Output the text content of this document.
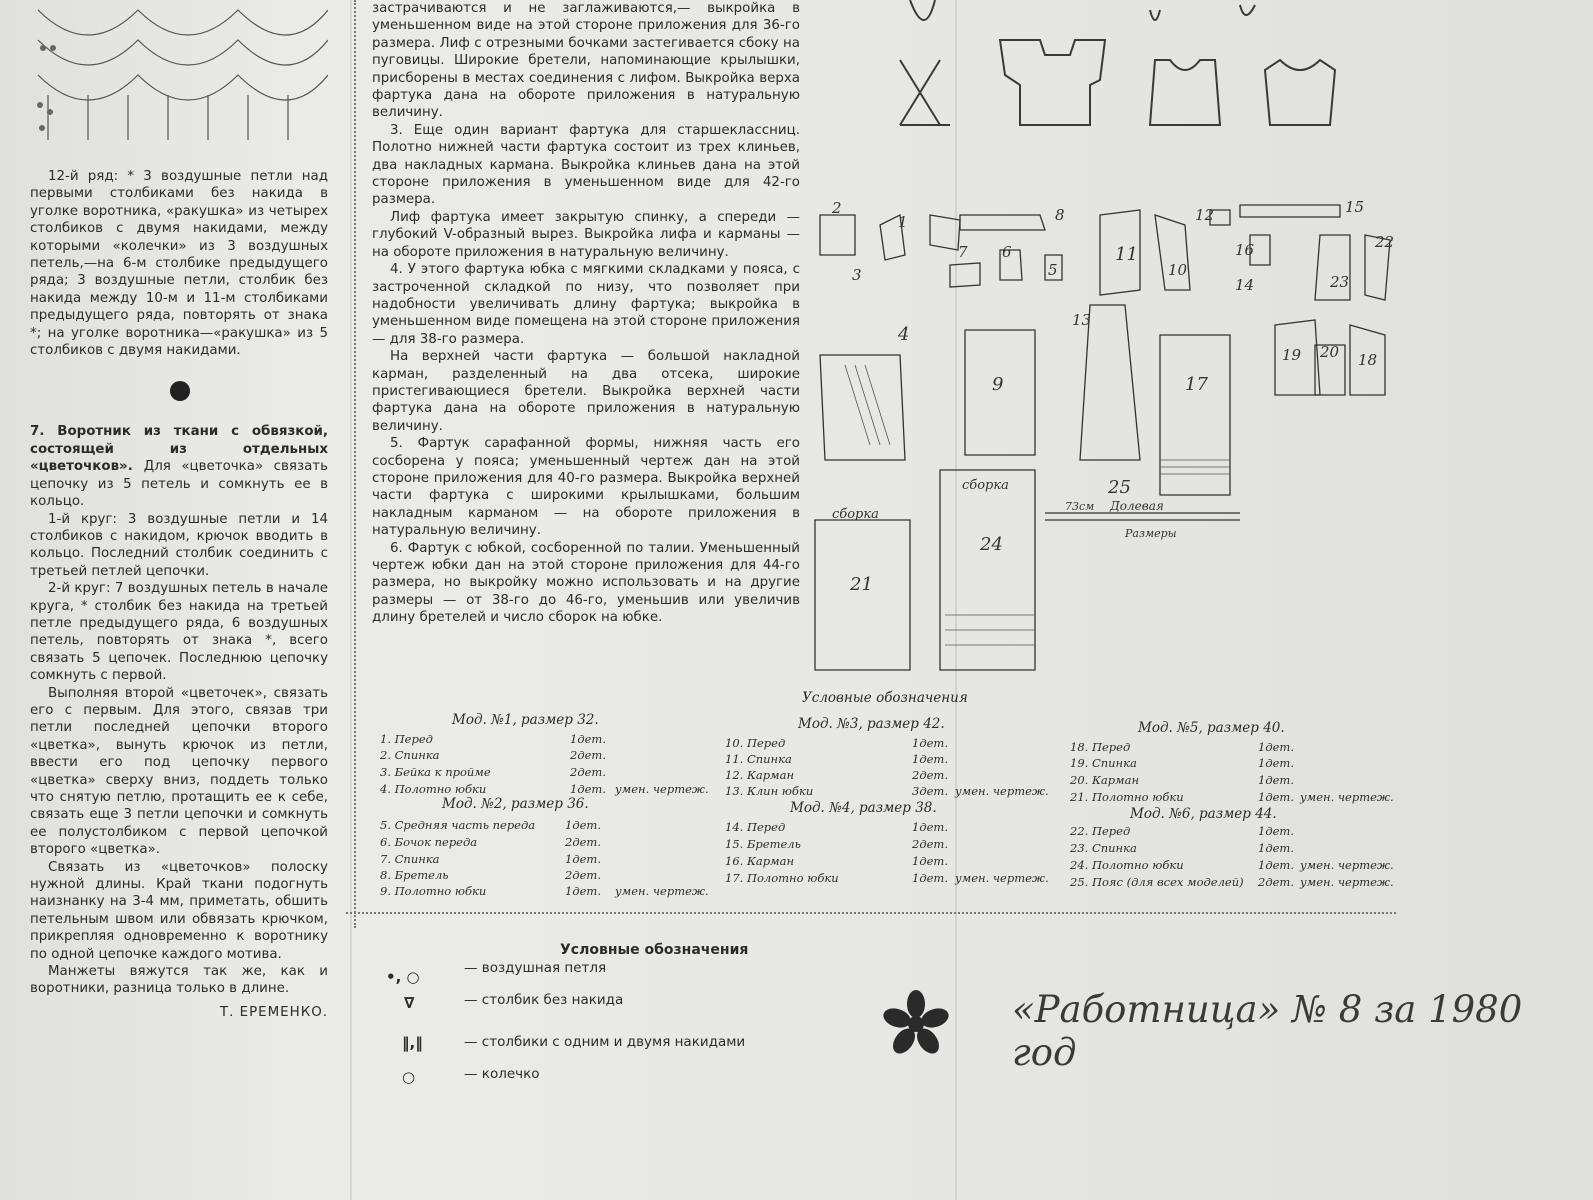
12-й ряд: * 3 воздушные петли над первыми столбиками без накида в уголке воротника, «ракушка» из четырех столбиков с двумя накидами, между которыми «колечки» из 3 воздушных петель,—на 6-м столбике предыдущего ряда; 3 воздушные петли, столбик без накида между 10-м и 11-м столбиками предыдущего ряда, повторять от знака *; на уголке воротника—«ракушка» из 5 столбиков с двумя накидами.

7. Воротник из ткани с обвязкой, состоящей из отдельных «цветочков». Для «цветочка» связать цепочку из 5 петель и сомкнуть ее в кольцо.

1-й круг: 3 воздушные петли и 14 столбиков с накидом, крючок вводить в кольцо. Последний столбик соединить с третьей петлей цепочки.

2-й круг: 7 воздушных петель в начале круга, * столбик без накида на третьей петле предыдущего ряда, 6 воздушных петель, повторять от знака *, всего связать 5 цепочек. Последнюю цепочку сомкнуть с первой.

Выполняя второй «цветочек», связать его с первым. Для этого, связав три петли последней цепочки второго «цветка», вынуть крючок из петли, ввести его под цепочку первого «цветка» сверху вниз, поддеть только что снятую петлю, протащить ее к себе, связать еще 3 петли цепочки и сомкнуть ее полустолбиком с первой цепочкой второго «цветка».

Связать из «цветочков» полоску нужной длины. Край ткани подогнуть наизнанку на 3-4 мм, приметать, обшить петельным швом или обвязать крючком, прикрепляя одновременно к воротнику по одной цепочке каждого мотива.

Манжеты вяжутся так же, как и воротники, разница только в длине.

Т. ЕРЕМЕНКО.

застрачиваются и не заглаживаются,— выкройка в уменьшенном виде на этой стороне приложения для 36-го размера. Лиф с отрезными бочками застегивается сбоку на пуговицы. Широкие бретели, напоминающие крылышки, присборены в местах соединения с лифом. Выкройка верха фартука дана на обороте приложения в натуральную величину.

3. Еще один вариант фартука для старшеклассниц. Полотно нижней части фартука состоит из трех клиньев, два накладных кармана. Выкройка клиньев дана на этой стороне приложения в уменьшенном виде для 42-го размера.

Лиф фартука имеет закрытую спинку, а спереди — глубокий V-образный вырез. Выкройка лифа и карманы — на обороте приложения в натуральную величину.

4. У этого фартука юбка с мягкими складками у пояса, с застроченной складкой по низу, что позволяет при надобности увеличивать длину фартука; выкройка в уменьшенном виде помещена на этой стороне приложения — для 38-го размера.

На верхней части фартука — большой накладной карман, разделенный на два отсека, широкие пристегивающиеся бретели. Выкройка верхней части фартука дана на обороте приложения в натуральную величину.

5. Фартук сарафанной формы, нижняя часть его сосборена у пояса; уменьшенный чертеж дан на этой стороне приложения для 40-го размера. Выкройка верхней части фартука с широкими крылышками, большим накладным карманом — на обороте приложения в натуральную величину.

6. Фартук с юбкой, сосборенной по талии. Уменьшенный чертеж юбки дан на этой стороне приложения для 44-го размера, но выкройку можно использовать и на другие размеры — от 38-го до 46-го, уменьшив или увеличив длину бретелей и число сборок на юбке.

2
1
3
7 6
5
8
11
10
12
16
14
15
23
22
4
9
13
17
19 20 18
25
24
21
сборка
сборка
Долевая
73см
Размеры
Условные обозначения
Мод. №1, размер 32.
1. Перед	1дет.
2. Спинка	2дет.
3. Бейка к пройме	2дет.
4. Полотно юбки	1дет. умен. чертеж.
Мод. №2, размер 36.
5. Средняя часть переда	1дет.
6. Бочок переда	2дет.
7. Спинка	1дет.
8. Бретель	2дет.
9. Полотно юбки	1дет. умен. чертеж.
Мод. №3, размер 42.
10. Перед	1дет.
11. Спинка	1дет.
12. Карман	2дет.
13. Клин юбки	3дет. умен. чертеж.
Мод. №4, размер 38.
14. Перед	1дет.
15. Бретель	2дет.
16. Карман	1дет.
17. Полотно юбки	1дет. умен. чертеж.
Мод. №5, размер 40.
18. Перед	1дет.
19. Спинка	1дет.
20. Карман	1дет.
21. Полотно юбки	1дет. умен. чертеж.
Мод. №6, размер 44.
22. Перед	1дет.
23. Спинка	1дет.
24. Полотно юбки	1дет. умен. чертеж.
25. Пояс (для всех моделей) 2дет. умен. чертеж.
Условные обозначения
•, ○	— воздушная петля
∇	— столбик без накида
‖,‖	— столбики с одним и двумя накидами
○	— колечко
«Работница» № 8 за 1980 год
